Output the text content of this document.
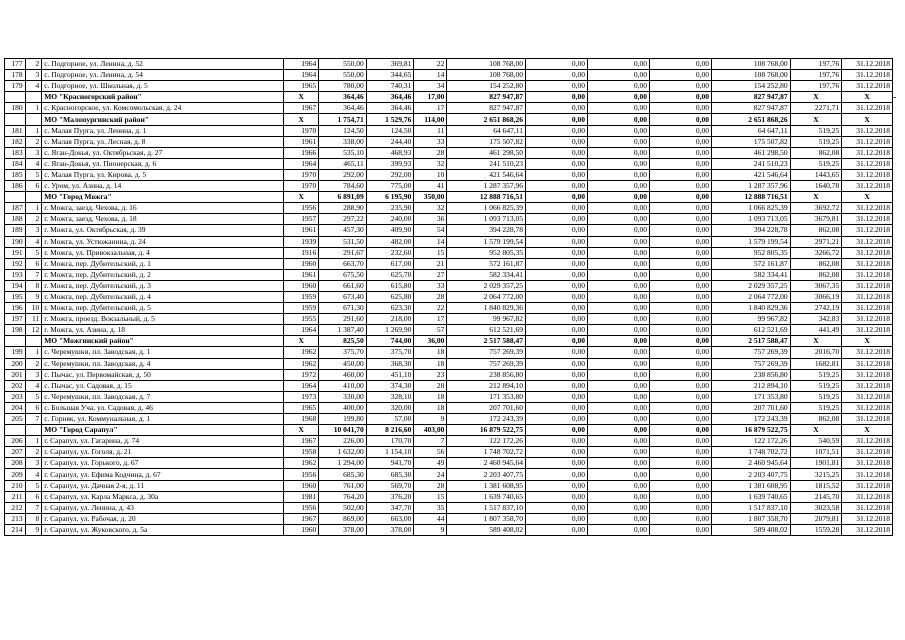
177	2	с. Подгорное, ул. Ленина, д. 52	1964	550,00	369,81	22	108 768,00	0,00	0,00	0,00	108 768,00	197,76	31.12.2018
178	3	с. Подгорное, ул. Ленина, д. 54	1964	550,00	344,65	14	108 768,00	0,00	0,00	0,00	108 768,00	197,76	31.12.2018
179	4	с. Подгорное, ул. Школьная, д. 5	1965	780,00	740,31	34	154 252,80	0,00	0,00	0,00	154 252,80	197,76	31.12.2018
		МО "Красногорский район"	Х	364,46	364,46	17,00	827 947,87	0,00	0,00	0,00	827 947,87	Х	Х
180	1	с. Красногорское, ул. Комсомольская, д. 24	1967	364,46	364,46	17	827 947,87	0,00	0,00	0,00	827 947,87	2271,71	31.12.2018
		МО "Малопургинский район"	Х	1 754,71	1 529,76	114,00	2 651 868,26	0,00	0,00	0,00	2 651 868,26	Х	Х
181	1	с. Малая Пурга, ул. Ленина, д. 1	1970	124,50	124,50	11	64 647,11	0,00	0,00	0,00	64 647,11	519,25	31.12.2018
182	2	с. Малая Пурга, ул. Лесная, д. 8	1961	338,00	244,40	33	175 507,82	0,00	0,00	0,00	175 507,82	519,25	31.12.2018
183	3	с. Яган-Докья, ул. Октябрьская, д. 27	1966	535,10	468,93	28	461 298,50	0,00	0,00	0,00	461 298,50	862,08	31.12.2018
184	4	с. Яган-Докья, ул. Пионерская, д. 6	1964	465,11	399,93	32	241 510,23	0,00	0,00	0,00	241 510,23	519,25	31.12.2018
185	5	с. Малая Пурга, ул. Кирова, д. 5	1970	292,00	292,00	10	421 546,64	0,00	0,00	0,00	421 546,64	1443,65	31.12.2018
186	6	с. Уром, ул. Азина, д. 14	1970	784,60	775,00	41	1 287 357,96	0,00	0,00	0,00	1 287 357,96	1640,78	31.12.2018
		МО "Город Можга"	Х	6 891,09	6 195,90	350,00	12 888 716,51	0,00	0,00	0,00	12 888 716,51	Х	Х
187	1	г. Можга, заезд. Чехова, д. 16	1956	288,90	235,90	32	1 066 825,39	0,00	0,00	0,00	1 066 825,39	3692,72	31.12.2018
188	2	г. Можга, заезд. Чехова, д. 18	1957	297,22	240,00	36	1 093 713,05	0,00	0,00	0,00	1 093 713,05	3679,81	31.12.2018
189	3	г. Можга, ул. Октябрьская, д. 39	1961	457,30	409,90	54	394 228,78	0,00	0,00	0,00	394 228,78	862,08	31.12.2018
190	4	г. Можга, ул. Устюжанина, д. 24	1939	531,50	482,00	14	1 579 199,54	0,00	0,00	0,00	1 579 199,54	2971,21	31.12.2018
191	5	г. Можга, ул. Привокзальная, д. 4	1916	291,67	232,60	15	952 805,35	0,00	0,00	0,00	952 805,35	3266,72	31.12.2018
192	6	г. Можга, пер. Дубительский, д. 1	1960	663,70	617,00	21	572 161,87	0,00	0,00	0,00	572 161,87	862,08	31.12.2018
193	7	г. Можга, пер. Дубительский, д. 2	1961	675,50	625,70	27	582 334,41	0,00	0,00	0,00	582 334,41	862,08	31.12.2018
194	8	г. Можга, пер. Дубительский, д. 3	1960	661,60	615,80	33	2 029 357,25	0,00	0,00	0,00	2 029 357,25	3067,35	31.12.2018
195	9	г. Можга, пер. Дубительский, д. 4	1959	673,40	625,80	28	2 064 772,00	0,00	0,00	0,00	2 064 772,00	3066,19	31.12.2018
196	10	г. Можга, пер. Дубительский, д. 5	1959	671,30	623,30	22	1 840 829,36	0,00	0,00	0,00	1 840 829,36	2742,19	31.12.2018
197	11	г. Можга, проезд. Вокзальный, д. 5	1955	291,60	218,00	17	99 967,82	0,00	0,00	0,00	99 967,82	342,83	31.12.2018
198	12	г. Можга, ул. Азина, д. 18	1964	1 387,40	1 269,90	57	612 521,69	0,00	0,00	0,00	612 521,69	441,49	31.12.2018
		МО "Можгинский район"	Х	825,50	744,00	36,00	2 517 588,47	0,00	0,00	0,00	2 517 588,47	Х	Х
199	1	с. Черемушки, пл. Заводская, д. 1	1962	375,70	375,70	18	757 269,39	0,00	0,00	0,00	757 269,39	2016,70	31.12.2018
200	2	с. Черемушки, пл. Заводская, д. 4	1962	450,00	368,30	18	757 269,39	0,00	0,00	0,00	757 269,39	1682,81	31.12.2018
201	3	с. Пычас, ул. Первомайская, д. 50	1972	460,00	451,10	23	238 856,80	0,00	0,00	0,00	238 856,80	519,25	31.12.2018
202	4	с. Пычас, ул. Садовая, д. 15	1964	410,00	374,30	28	212 894,10	0,00	0,00	0,00	212 894,10	519,25	31.12.2018
203	5	с. Черемушки, пл. Заводская, д. 7	1973	330,00	328,10	18	171 353,80	0,00	0,00	0,00	171 353,80	519,25	31.12.2018
204	6	с. Большая Уча, ул. Садовая, д. 46	1965	400,00	320,00	18	207 701,60	0,00	0,00	0,00	207 701,60	519,25	31.12.2018
205	7	с. Горняк, ул. Коммунальная, д. 1	1968	199,80	57,00	9	172 243,39	0,00	0,00	0,00	172 243,39	862,08	31.12.2018
		МО "Город Сарапул"	Х	10 041,70	8 216,60	403,00	16 879 522,75	0,00	0,00	0,00	16 879 522,75	Х	Х
206	1	г. Сарапул, ул. Гагарина, д. 74	1967	226,00	170,70	7	122 172,26	0,00	0,00	0,00	122 172,26	540,59	31.12.2018
207	2	г. Сарапул, ул. Гоголя, д. 21	1958	1 632,00	1 154,10	56	1 748 702,72	0,00	0,00	0,00	1 748 702,72	1071,51	31.12.2018
208	3	г. Сарапул, ул. Горького, д. 67	1962	1 294,00	941,70	49	2 460 945,64	0,00	0,00	0,00	2 460 945,64	1901,81	31.12.2018
209	4	г. Сарапул, ул. Ефима Кодчина, д. 67	1956	685,30	685,30	24	2 203 407,75	0,00	0,00	0,00	2 203 407,75	3215,25	31.12.2018
210	5	г. Сарапул, ул. Дачная 2-я, д. 11	1960	761,00	569,70	28	1 381 608,95	0,00	0,00	0,00	1 381 608,95	1815,52	31.12.2018
211	6	г. Сарапул, ул. Карла Маркса, д. 30а	1981	764,20	376,20	15	1 639 740,65	0,00	0,00	0,00	1 639 740,65	2145,70	31.12.2018
212	7	г. Сарапул, ул. Ленина, д. 43	1956	502,00	347,70	35	1 517 837,10	0,00	0,00	0,00	1 517 837,10	3023,58	31.12.2018
213	8	г. Сарапул, ул. Рабочая, д. 20	1967	869,00	663,00	44	1 807 358,70	0,00	0,00	0,00	1 807 358,70	2079,81	31.12.2018
214	9	г. Сарапул, ул. Жуковского, д. 5а	1960	378,00	378,00	9	589 408,02	0,00	0,00	0,00	589 408,02	1559,28	31.12.2018
-
